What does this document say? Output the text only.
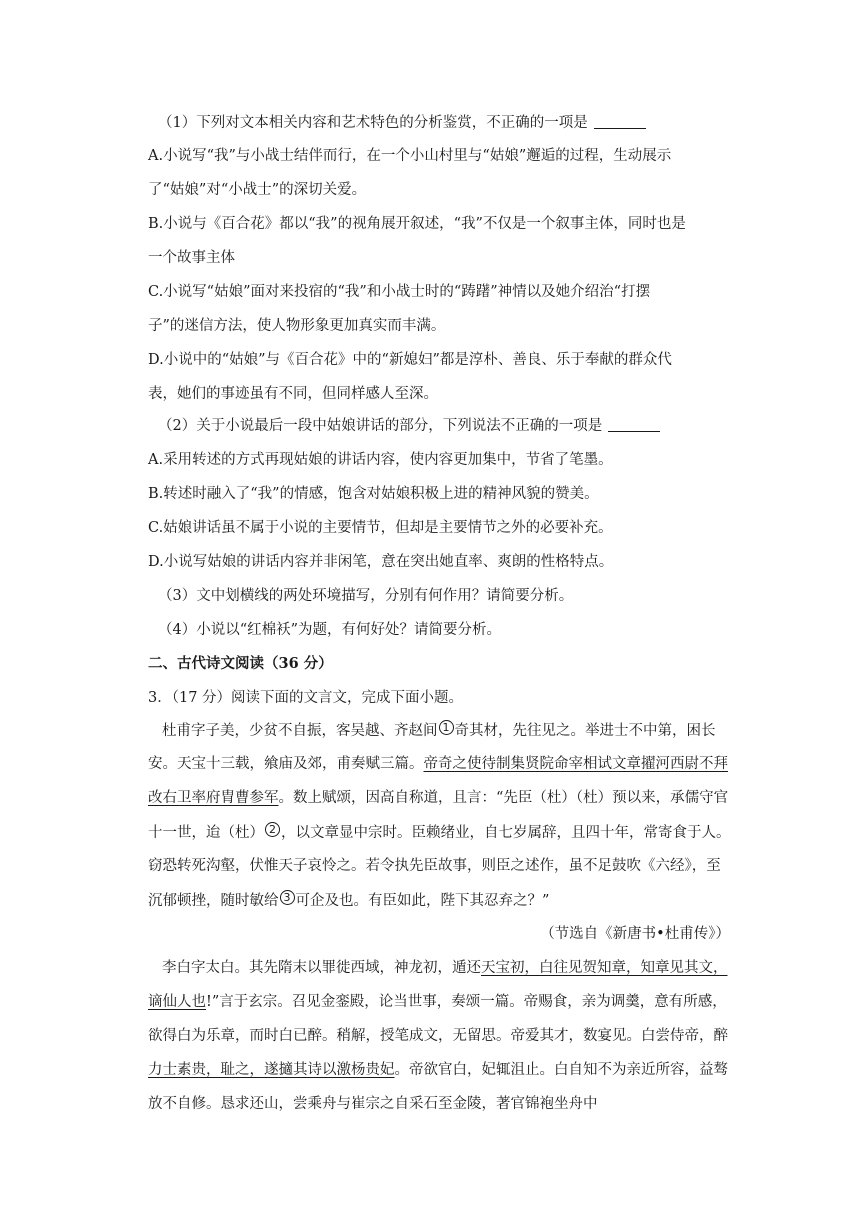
（1）下列对文本相关内容和艺术特色的分析鉴赏，不正确的一项是
A.小说写“我”与小战士结伴而行，在一个小山村里与“姑娘”邂逅的过程，生动展示
了“姑娘”对“小战士”的深切关爱。
B.小说与《百合花》都以“我”的视角展开叙述，“我”不仅是一个叙事主体，同时也是
一个故事主体
C.小说写“姑娘”面对来投宿的“我”和小战士时的“踌躇”神情以及她介绍治“打摆
子”的迷信方法，使人物形象更加真实而丰满。
D.小说中的“姑娘”与《百合花》中的“新媳妇”都是淳朴、善良、乐于奉献的群众代
表，她们的事迹虽有不同，但同样感人至深。
（2）关于小说最后一段中姑娘讲话的部分，下列说法不正确的一项是
A.采用转述的方式再现姑娘的讲话内容，使内容更加集中，节省了笔墨。
B.转述时融入了“我”的情感，饱含对姑娘积极上进的精神风貌的赞美。
C.姑娘讲话虽不属于小说的主要情节，但却是主要情节之外的必要补充。
D.小说写姑娘的讲话内容并非闲笔，意在突出她直率、爽朗的性格特点。
（3）文中划横线的两处环境描写，分别有何作用？请简要分析。
（4）小说以“红棉袄”为题，有何好处？请简要分析。
二、古代诗文阅读（36 分）
3．（17 分）阅读下面的文言文，完成下面小题。
杜甫字子美，少贫不自振，客吴越、齐赵间 1 奇其材，先往见之。举进士不中第，困长
安。天宝十三载，飨庙及郊，甫奏赋三篇。帝奇之使待制集贤院命宰相试文章擢河西尉不拜
改右卫率府胄曹参军。数上赋颂，因高自称道，且言：“先臣（杜）（杜）预以来，承儒守官
十一世，迨（杜） 2 ，以文章显中宗时。臣赖绪业，自七岁属辞，且四十年，常寄食于人。
窃恐转死沟壑，伏惟天子哀怜之。若令执先臣故事，则臣之述作，虽不足鼓吹《六经》，至
沉郁顿挫，随时敏给 3 可企及也。有臣如此，陛下其忍弃之？”
（节选自《新唐书•杜甫传》）
李白字太白。其先隋末以罪徙西域，神龙初，遁还天宝初，白往见贺知章，知章见其文，
谪仙人也!”言于玄宗。召见金銮殿，论当世事，奏颂一篇。帝赐食，亲为调羹，意有所感，
欲得白为乐章，而时白已醉。稍解，授笔成文，无留思。帝爱其才，数宴见。白尝侍帝，醉
力士素贵，耻之，遂擿其诗以激杨贵妃。帝欲官白，妃辄沮止。白自知不为亲近所容，益骜
放不自修。恳求还山，尝乘舟与崔宗之自采石至金陵，著官锦袍坐舟中
